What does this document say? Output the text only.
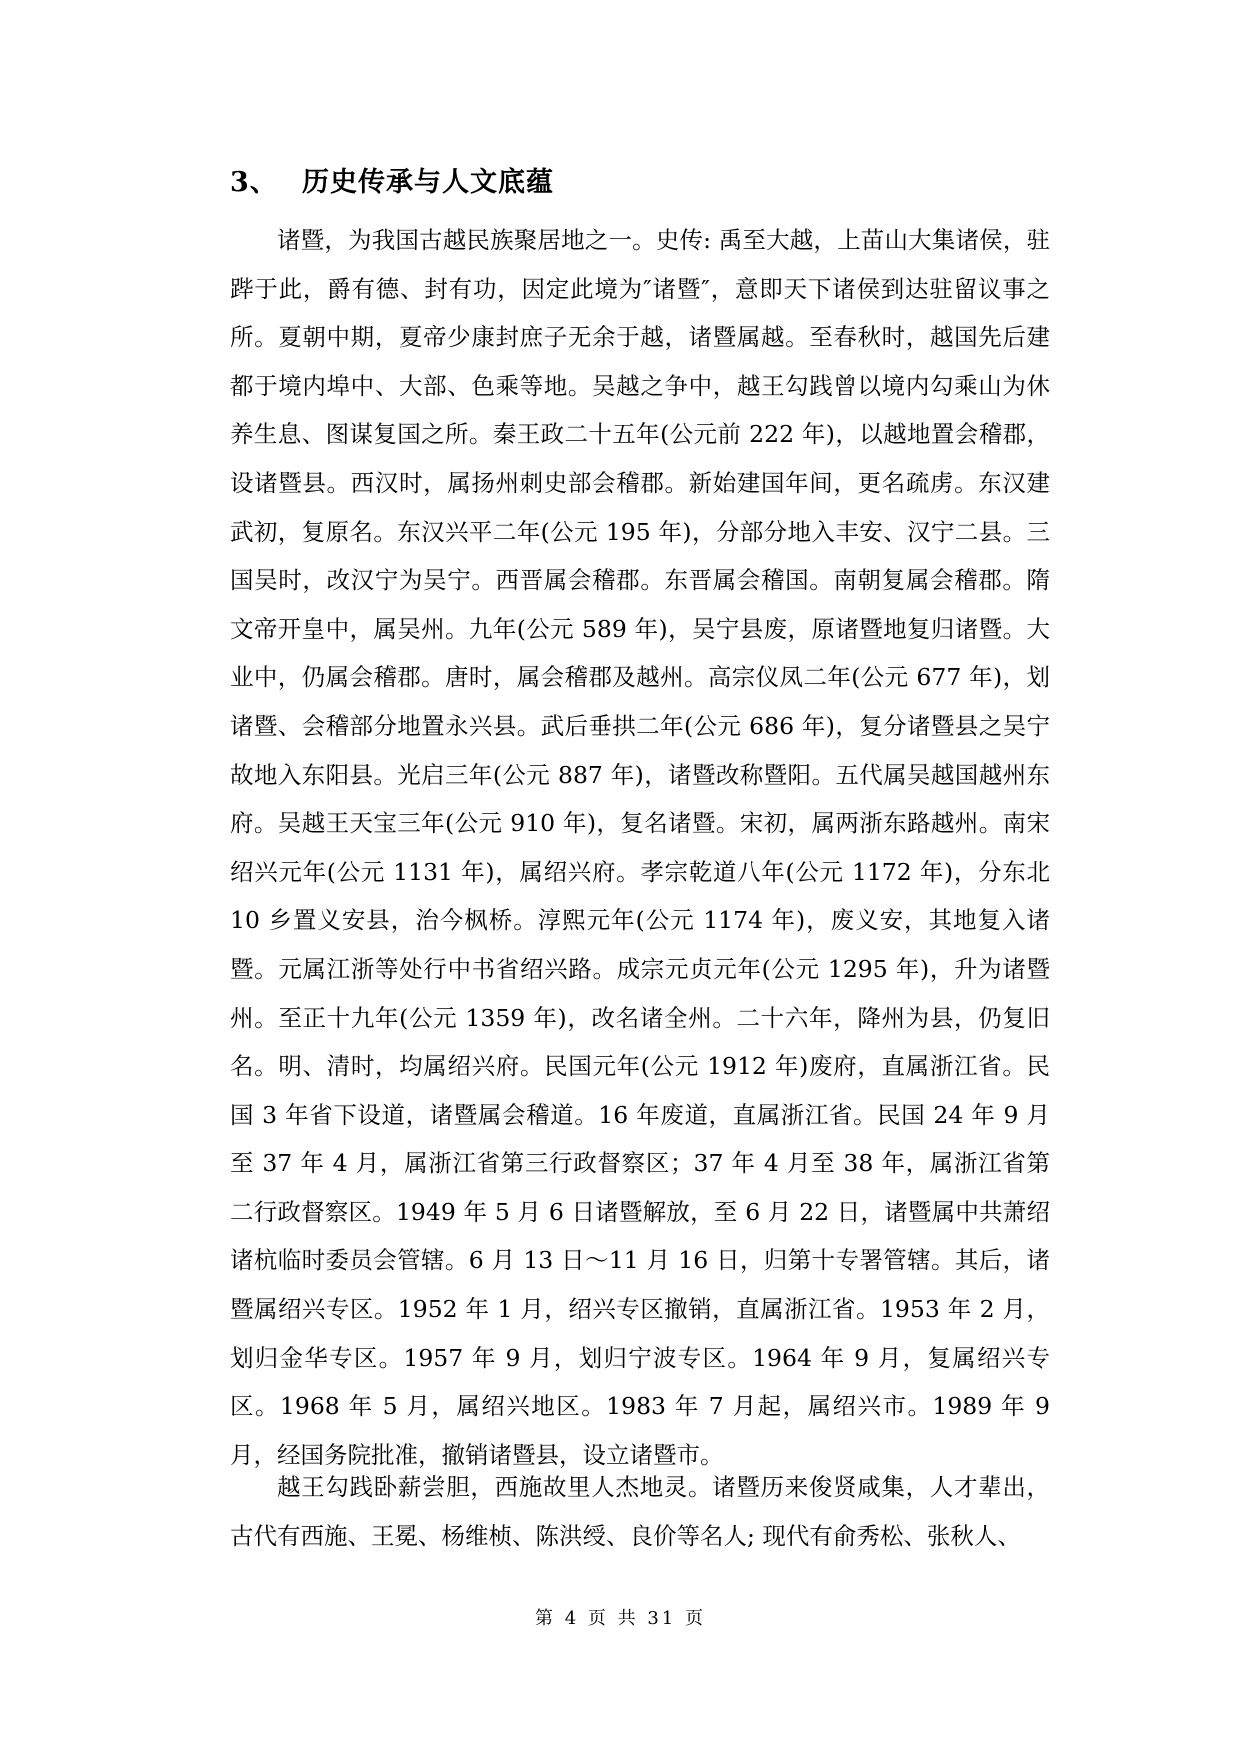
3、 历史传承与人文底蕴

诸暨，为我国古越民族聚居地之一。史传: 禹至大越，上苗山大集诸侯，驻跸于此，爵有德、封有功，因定此境为″诸暨″，意即天下诸侯到达驻留议事之所。夏朝中期，夏帝少康封庶子无余于越，诸暨属越。至春秋时，越国先后建都于境内埠中、大部、色乘等地。吴越之争中，越王勾践曾以境内勾乘山为休养生息、图谋复国之所。秦王政二十五年(公元前 222 年)，以越地置会稽郡，设诸暨县。西汉时，属扬州刺史部会稽郡。新始建国年间，更名疏虏。东汉建武初，复原名。东汉兴平二年(公元 195 年)，分部分地入丰安、汉宁二县。三国吴时，改汉宁为吴宁。西晋属会稽郡。东晋属会稽国。南朝复属会稽郡。隋文帝开皇中，属吴州。九年(公元 589 年)，吴宁县废，原诸暨地复归诸暨。大业中，仍属会稽郡。唐时，属会稽郡及越州。高宗仪凤二年(公元 677 年)，划诸暨、会稽部分地置永兴县。武后垂拱二年(公元 686 年)，复分诸暨县之吴宁故地入东阳县。光启三年(公元 887 年)，诸暨改称暨阳。五代属吴越国越州东府。吴越王天宝三年(公元 910 年)，复名诸暨。宋初，属两浙东路越州。南宋绍兴元年(公元 1131 年)，属绍兴府。孝宗乾道八年(公元 1172 年)，分东北 10 乡置义安县，治今枫桥。淳熙元年(公元 1174 年)，废义安，其地复入诸暨。元属江浙等处行中书省绍兴路。成宗元贞元年(公元 1295 年)，升为诸暨州。至正十九年(公元 1359 年)，改名诸全州。二十六年，降州为县，仍复旧名。明、清时，均属绍兴府。民国元年(公元 1912 年)废府，直属浙江省。民国 3 年省下设道，诸暨属会稽道。16 年废道，直属浙江省。民国 24 年 9 月至 37 年 4 月，属浙江省第三行政督察区；37 年 4 月至 38 年，属浙江省第二行政督察区。1949 年 5 月 6 日诸暨解放，至 6 月 22 日，诸暨属中共萧绍诸杭临时委员会管辖。6 月 13 日～11 月 16 日，归第十专署管辖。其后，诸暨属绍兴专区。1952 年 1 月，绍兴专区撤销，直属浙江省。1953 年 2 月，划归金华专区。1957 年 9 月，划归宁波专区。1964 年 9 月，复属绍兴专区。1968 年 5 月，属绍兴地区。1983 年 7 月起，属绍兴市。1989 年 9 月，经国务院批准，撤销诸暨县，设立诸暨市。

越王勾践卧薪尝胆，西施故里人杰地灵。诸暨历来俊贤咸集，人才辈出，古代有西施、王冕、杨维桢、陈洪绶、良价等名人; 现代有俞秀松、张秋人、

第 4 页 共 31 页
